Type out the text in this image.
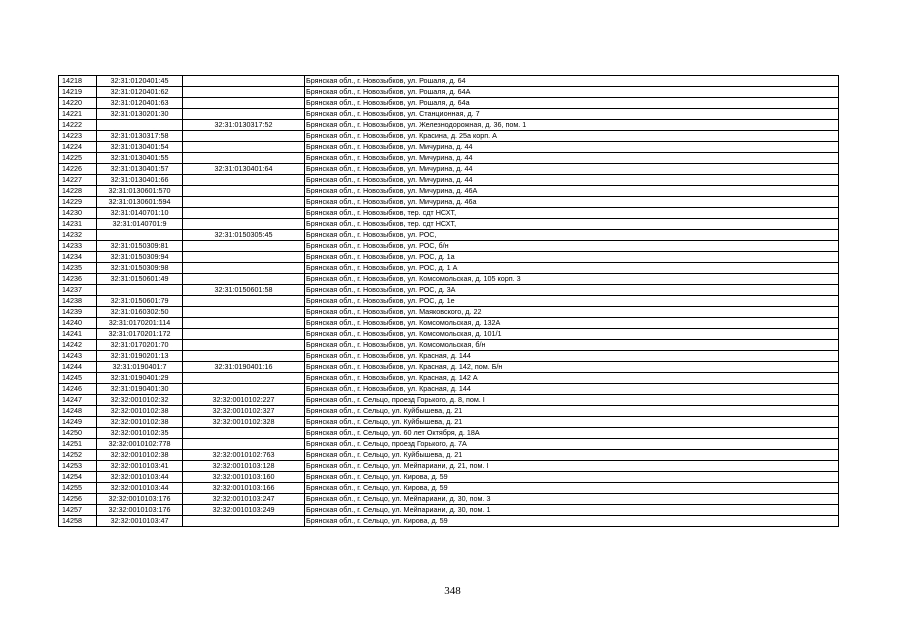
14218	32:31:0120401:45		Брянская обл., г. Новозыбков, ул. Рошаля, д. 64
14219	32:31:0120401:62		Брянская обл., г. Новозыбков, ул. Рошаля, д. 64А
14220	32:31:0120401:63		Брянская обл., г. Новозыбков, ул. Рошаля, д. 64а
14221	32:31:0130201:30		Брянская обл., г. Новозыбков, ул. Станционная, д. 7
14222		32:31:0130317:52	Брянская обл., г. Новозыбков, ул. Железнодорожная, д. 36, пом. 1
14223	32:31:0130317:58		Брянская обл., г. Новозыбков, ул. Красина, д. 25а корп. А
14224	32:31:0130401:54		Брянская обл., г. Новозыбков, ул. Мичурина, д. 44
14225	32:31:0130401:55		Брянская обл., г. Новозыбков, ул. Мичурина, д. 44
14226	32:31:0130401:57	32:31:0130401:64	Брянская обл., г. Новозыбков, ул. Мичурина, д. 44
14227	32:31:0130401:66		Брянская обл., г. Новозыбков, ул. Мичурина, д. 44
14228	32:31:0130601:570		Брянская обл., г. Новозыбков, ул. Мичурина, д. 46А
14229	32:31:0130601:594		Брянская обл., г. Новозыбков, ул. Мичурина, д. 46а
14230	32:31:0140701:10		Брянская обл., г. Новозыбков, тер. сдт НСХТ,
14231	32:31:0140701:9		Брянская обл., г. Новозыбков, тер. сдт НСХТ,
14232		32:31:0150305:45	Брянская обл., г. Новозыбков, ул. РОС,
14233	32:31:0150309:81		Брянская обл., г. Новозыбков, ул. РОС, б/н
14234	32:31:0150309:94		Брянская обл., г. Новозыбков, ул. РОС, д. 1а
14235	32:31:0150309:98		Брянская обл., г. Новозыбков, ул. РОС, д. 1 А
14236	32:31:0150601:49		Брянская обл., г. Новозыбков, ул. Комсомольская, д. 105 корп. 3
14237		32:31:0150601:58	Брянская обл., г. Новозыбков, ул. РОС, д. 3А
14238	32:31:0150601:79		Брянская обл., г. Новозыбков, ул. РОС, д. 1е
14239	32:31:0160302:50		Брянская обл., г. Новозыбков, ул. Маяковского, д. 22
14240	32:31:0170201:114		Брянская обл., г. Новозыбков, ул. Комсомольская, д. 132А
14241	32:31:0170201:172		Брянская обл., г. Новозыбков, ул. Комсомольская, д. 101/1
14242	32:31:0170201:70		Брянская обл., г. Новозыбков, ул. Комсомольская, б/н
14243	32:31:0190201:13		Брянская обл., г. Новозыбков, ул. Красная, д. 144
14244	32:31:0190401:7	32:31:0190401:16	Брянская обл., г. Новозыбков, ул. Красная, д. 142, пом. Б/н
14245	32:31:0190401:29		Брянская обл., г. Новозыбков, ул. Красная, д. 142 А
14246	32:31:0190401:30		Брянская обл., г. Новозыбков, ул. Красная, д. 144
14247	32:32:0010102:32	32:32:0010102:227	Брянская обл., г. Сельцо, проезд Горького, д. 8, пом. I
14248	32:32:0010102:38	32:32:0010102:327	Брянская обл., г. Сельцо, ул. Куйбышева, д. 21
14249	32:32:0010102:38	32:32:0010102:328	Брянская обл., г. Сельцо, ул. Куйбышева, д. 21
14250	32:32:0010102:35		Брянская обл., г. Сельцо, ул. 60 лет Октября, д. 18А
14251	32:32:0010102:778		Брянская обл., г. Сельцо, проезд Горького, д. 7А
14252	32:32:0010102:38	32:32:0010102:763	Брянская обл., г. Сельцо, ул. Куйбышева, д. 21
14253	32:32:0010103:41	32:32:0010103:128	Брянская обл., г. Сельцо, ул. Мейпариани, д. 21, пом. I
14254	32:32:0010103:44	32:32:0010103:160	Брянская обл., г. Сельцо, ул. Кирова, д. 59
14255	32:32:0010103:44	32:32:0010103:166	Брянская обл., г. Сельцо, ул. Кирова, д. 59
14256	32:32:0010103:176	32:32:0010103:247	Брянская обл., г. Сельцо, ул. Мейпариани, д. 30, пом. 3
14257	32:32:0010103:176	32:32:0010103:249	Брянская обл., г. Сельцо, ул. Мейпариани, д. 30, пом. 1
14258	32:32:0010103:47		Брянская обл., г. Сельцо, ул. Кирова, д. 59
348
